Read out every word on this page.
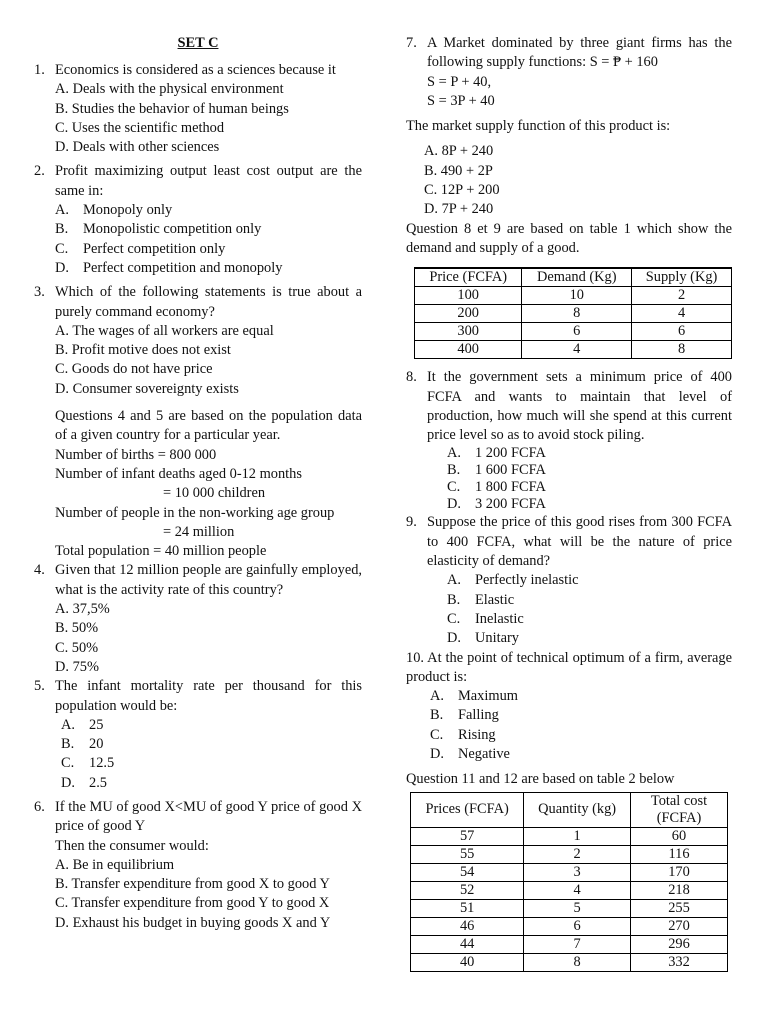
SET C
1. Economics is considered as a sciences because it
A. Deals with the physical environment
B. Studies the behavior of human beings
C. Uses the scientific method
D. Deals with other sciences
2. Profit maximizing output least cost output are the same in:
A. Monopoly only
B.	Monopolistic competition only
C.	Perfect competition only
D. Perfect competition and monopoly
3. Which of the following statements is true about a purely command economy?
A. The wages of all workers are equal
B. Profit motive does not exist
C. Goods do not have price
D. Consumer sovereignty exists
Questions 4 and 5 are based on the population data of a given country for a particular year.
Number of births = 800 000
Number of infant deaths aged 0-12 months
= 10 000 children
Number of people in the non-working age group
= 24 million
Total population = 40 million people
4. Given that 12 million people are gainfully employed, what is the activity rate of this country?
A. 37,5%
B. 50%
C. 50%
D. 75%
5. The infant mortality rate per thousand for this population would be:
A. 25
B.	20
C.	12.5
D. 2.5
6. If the MU of good X<MU of good Y price of good X price of good Y
Then the consumer would:
A. Be in equilibrium
B. Transfer expenditure from good X to good Y
C. Transfer expenditure from good Y to good X
D. Exhaust his budget in buying goods X and Y
7. A Market dominated by three giant firms has the following supply functions: S = ₱ + 160
S = P + 40,
S = 3P + 40
The market supply function of this product is:
A. 8P + 240
B. 490 + 2P
C. 12P + 200
D. 7P + 240
Question 8 et 9 are based on table 1 which show the demand and supply of a good.
Price (FCFA)	Demand (Kg)	Supply (Kg)
100	10	2
200	8	4
300	6	6
400	4	8
8. It the government sets a minimum price of 400 FCFA and wants to maintain that level of production, how much will she spend at this current price level so as to avoid stock piling.
A. 1 200 FCFA
B.	1 600 FCFA
C.	1 800 FCFA
D. 3 200 FCFA
9. Suppose the price of this good rises from 300 FCFA to 400 FCFA, what will be the nature of price elasticity of demand?
A. Perfectly inelastic
B.	Elastic
C.	Inelastic
D. Unitary
10. At the point of technical optimum of a firm, average product is:
A. Maximum
B.	Falling
C.	Rising
D. Negative
Question 11 and 12 are based on table 2 below
Prices (FCFA)	Quantity (kg)	Total cost (FCFA)
57	1	60
55	2	116
54	3	170
52	4	218
51	5	255
46	6	270
44	7	296
40	8	332
